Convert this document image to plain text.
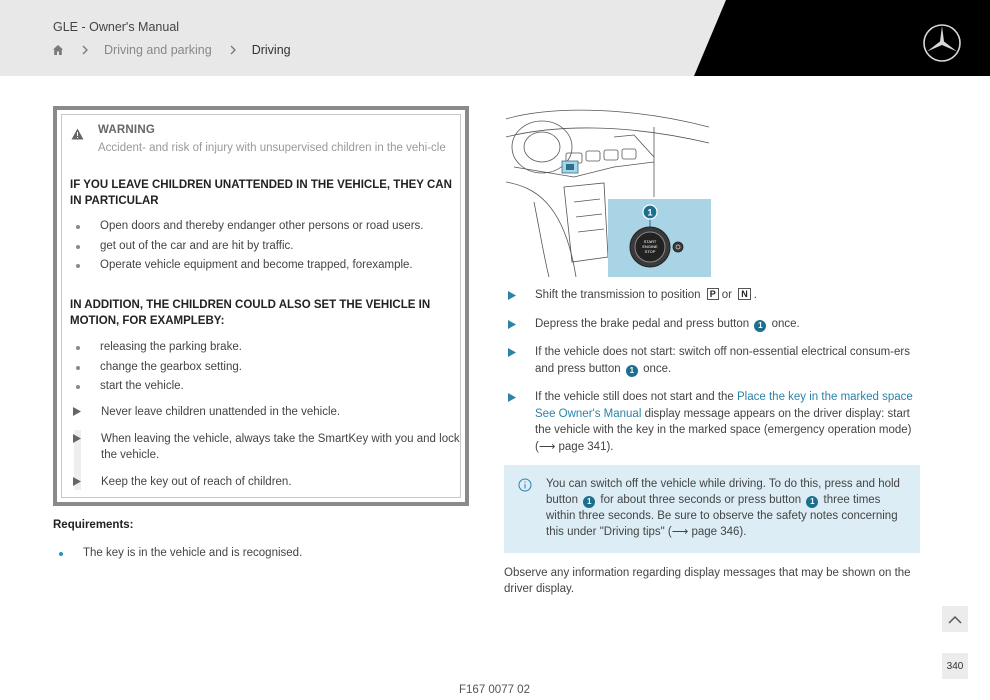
GLE - Owner's Manual
Driving and parking	Driving
WARNING
Accident- and risk of injury with unsupervised children in the vehi-cle
IF YOU LEAVE CHILDREN UNATTENDED IN THE VEHICLE, THEY CAN IN PARTICULAR
Open doors and thereby endanger other persons or road users.
get out of the car and are hit by traffic.
Operate vehicle equipment and become trapped, forexample.
IN ADDITION, THE CHILDREN COULD ALSO SET THE VEHICLE IN MOTION, FOR EXAMPLEBY:
releasing the parking brake.
change the gearbox setting.
start the vehicle.
Never leave children unattended in the vehicle.
When leaving the vehicle, always take the SmartKey with you and lock the vehicle.
Keep the key out of reach of children.
Requirements:
The key is in the vehicle and is recognised.
1
START
ENGINE
STOP
Shift the transmission to position P or N .
Depress the brake pedal and press button 1 once.
If the vehicle does not start: switch off non-essential electrical consum-ers and press button 1 once.
If the vehicle still does not start and the Place the key in the marked space See Owner's Manual display message appears on the driver display: start the vehicle with the key in the marked space (emergency operation mode) (⟶ page 341).
You can switch off the vehicle while driving. To do this, press and hold button 1 for about three seconds or press button 1 three times within three seconds. Be sure to observe the safety notes concerning this under "Driving tips" (⟶ page 346).
Observe any information regarding display messages that may be shown on the driver display.
F167 0077 02
340
